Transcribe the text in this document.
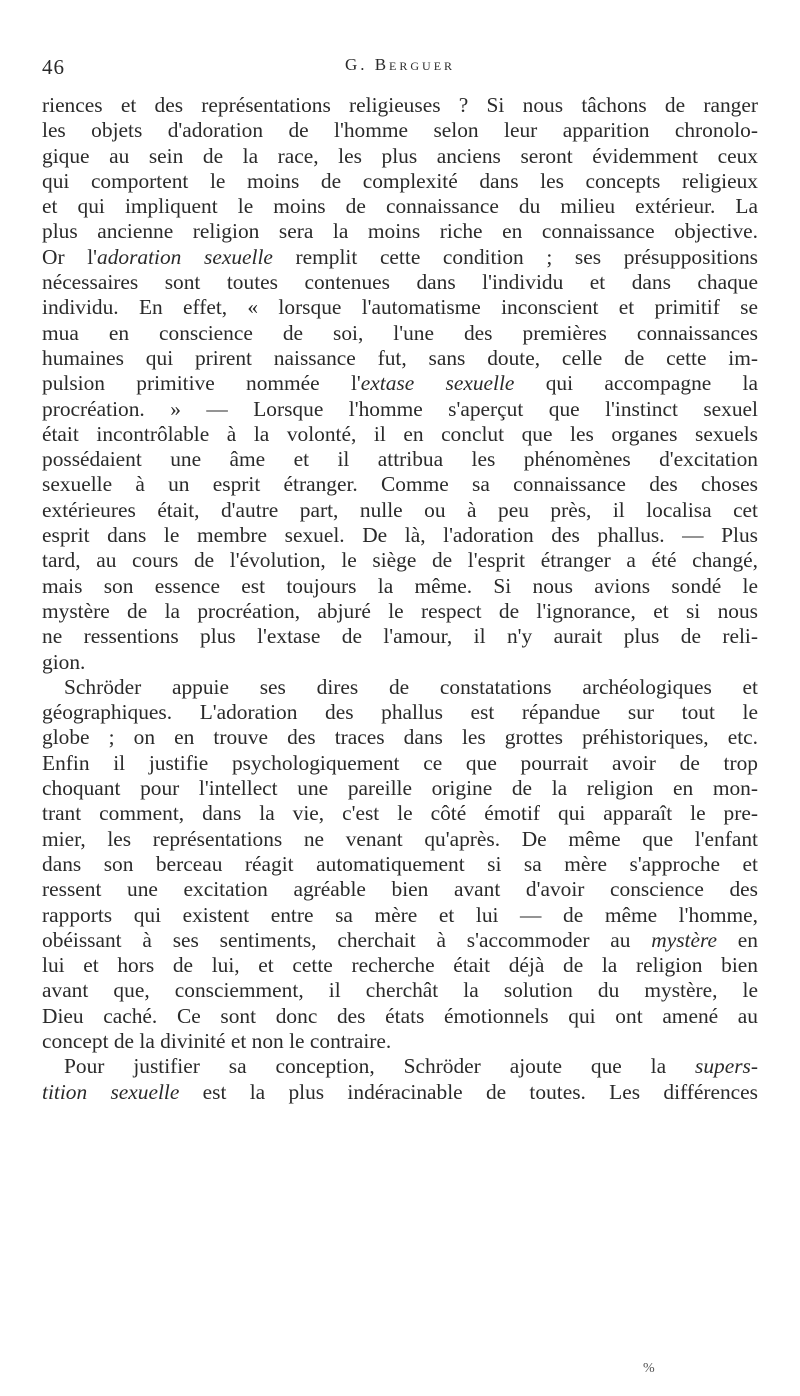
46	G. Berguer
riences et des représentations religieuses ? Si nous tâchons de ranger
les objets d'adoration de l'homme selon leur apparition chronolo-
gique au sein de la race, les plus anciens seront évidemment ceux
qui comportent le moins de complexité dans les concepts religieux
et qui impliquent le moins de connaissance du milieu extérieur. La
plus ancienne religion sera la moins riche en connaissance objective.
Or l'adoration sexuelle remplit cette condition ; ses présuppositions
nécessaires sont toutes contenues dans l'individu et dans chaque
individu. En effet, « lorsque l'automatisme inconscient et primitif se
mua en conscience de soi, l'une des premières connaissances
humaines qui prirent naissance fut, sans doute, celle de cette im-
pulsion primitive nommée l'extase sexuelle qui accompagne la
procréation. » — Lorsque l'homme s'aperçut que l'instinct sexuel
était incontrôlable à la volonté, il en conclut que les organes sexuels
possédaient une âme et il attribua les phénomènes d'excitation
sexuelle à un esprit étranger. Comme sa connaissance des choses
extérieures était, d'autre part, nulle ou à peu près, il localisa cet
esprit dans le membre sexuel. De là, l'adoration des phallus. — Plus
tard, au cours de l'évolution, le siège de l'esprit étranger a été changé,
mais son essence est toujours la même. Si nous avions sondé le
mystère de la procréation, abjuré le respect de l'ignorance, et si nous
ne ressentions plus l'extase de l'amour, il n'y aurait plus de reli-
gion.
Schröder appuie ses dires de constatations archéologiques et
géographiques. L'adoration des phallus est répandue sur tout le
globe ; on en trouve des traces dans les grottes préhistoriques, etc.
Enfin il justifie psychologiquement ce que pourrait avoir de trop
choquant pour l'intellect une pareille origine de la religion en mon-
trant comment, dans la vie, c'est le côté émotif qui apparaît le pre-
mier, les représentations ne venant qu'après. De même que l'enfant
dans son berceau réagit automatiquement si sa mère s'approche et
ressent une excitation agréable bien avant d'avoir conscience des
rapports qui existent entre sa mère et lui — de même l'homme,
obéissant à ses sentiments, cherchait à s'accommoder au mystère en
lui et hors de lui, et cette recherche était déjà de la religion bien
avant que, consciemment, il cherchât la solution du mystère, le
Dieu caché. Ce sont donc des états émotionnels qui ont amené au
concept de la divinité et non le contraire.
Pour justifier sa conception, Schröder ajoute que la supers-
tition sexuelle est la plus indéracinable de toutes. Les différences
%
